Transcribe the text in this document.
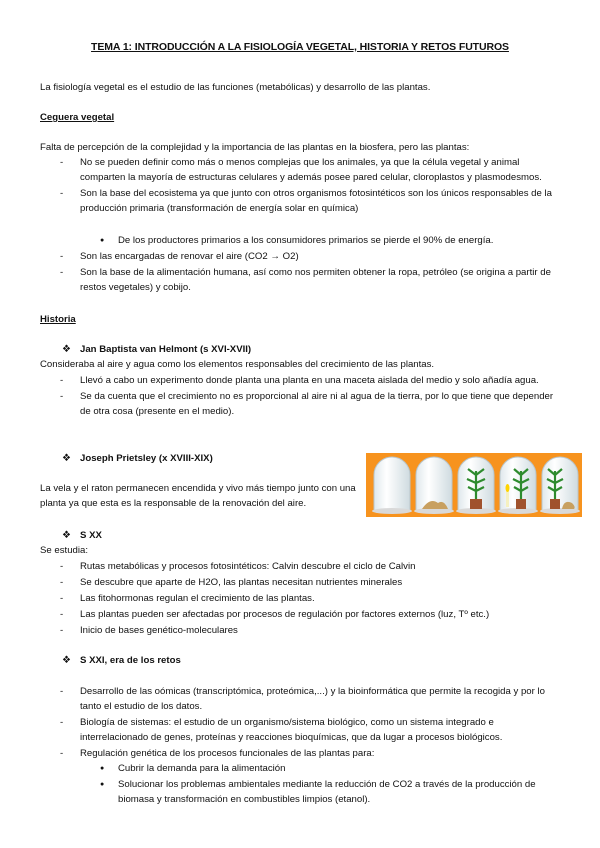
TEMA 1: INTRODUCCIÓN A LA FISIOLOGÍA VEGETAL, HISTORIA Y RETOS FUTUROS

La fisiología vegetal es el estudio de las funciones (metabólicas) y desarrollo de las plantas.

Ceguera vegetal

Falta de percepción de la complejidad y la importancia de las plantas en la biosfera, pero las plantas:

- No se pueden definir como más o menos complejas que los animales, ya que la célula vegetal y animal comparten la mayoría de estructuras celulares y además posee pared celular, cloroplastos y plasmodesmos.
- Son la base del ecosistema ya que junto con otros organismos fotosintéticos son los únicos responsables de la producción primaria (transformación de energía solar en química)
● De los productores primarios a los consumidores primarios se pierde el 90% de energía.
- Son las encargadas de renovar el aire (CO2 → O2)
- Son la base de la alimentación humana, así como nos permiten obtener la ropa, petróleo (se origina a partir de restos vegetales) y cobijo.

Historia

❖ Jan Baptista van Helmont (s XVI-XVII)

Consideraba al aire y agua como los elementos responsables del crecimiento de las plantas.

- Llevó a cabo un experimento donde planta una planta en una maceta aislada del medio y solo añadía agua.
- Se da cuenta que el crecimiento no es proporcional al aire ni al agua de la tierra, por lo que tiene que depender de otra cosa (presente en el medio).

❖ Joseph Prietsley (x XVIII-XIX)

La vela y el raton permanecen encendida y vivo más tiempo junto con una planta ya que esta es la responsable de la renovación del aire.

❖ S XX

Se estudia:

- Rutas metabólicas y procesos fotosintéticos: Calvin descubre el ciclo de Calvin
- Se descubre que aparte de H2O, las plantas necesitan nutrientes minerales
- Las fitohormonas regulan el crecimiento de las plantas.
- Las plantas pueden ser afectadas por procesos de regulación por factores externos (luz, Tº etc.)
- Inicio de bases genético-moleculares

❖ S XXI, era de los retos

- Desarrollo de las oómicas (transcriptómica, proteómica,...) y la bioinformática que permite la recogida y por lo tanto el estudio de los datos.
- Biología de sistemas: el estudio de un organismo/sistema biológico, como un sistema integrado e interrelacionado de genes, proteínas y reacciones bioquímicas, que da lugar a procesos biológicos.
- Regulación genética de los procesos funcionales de las plantas para:
● Cubrir la demanda para la alimentación
● Solucionar los problemas ambientales mediante la reducción de CO2 a través de la producción de biomasa y transformación en combustibles limpios (etanol).
